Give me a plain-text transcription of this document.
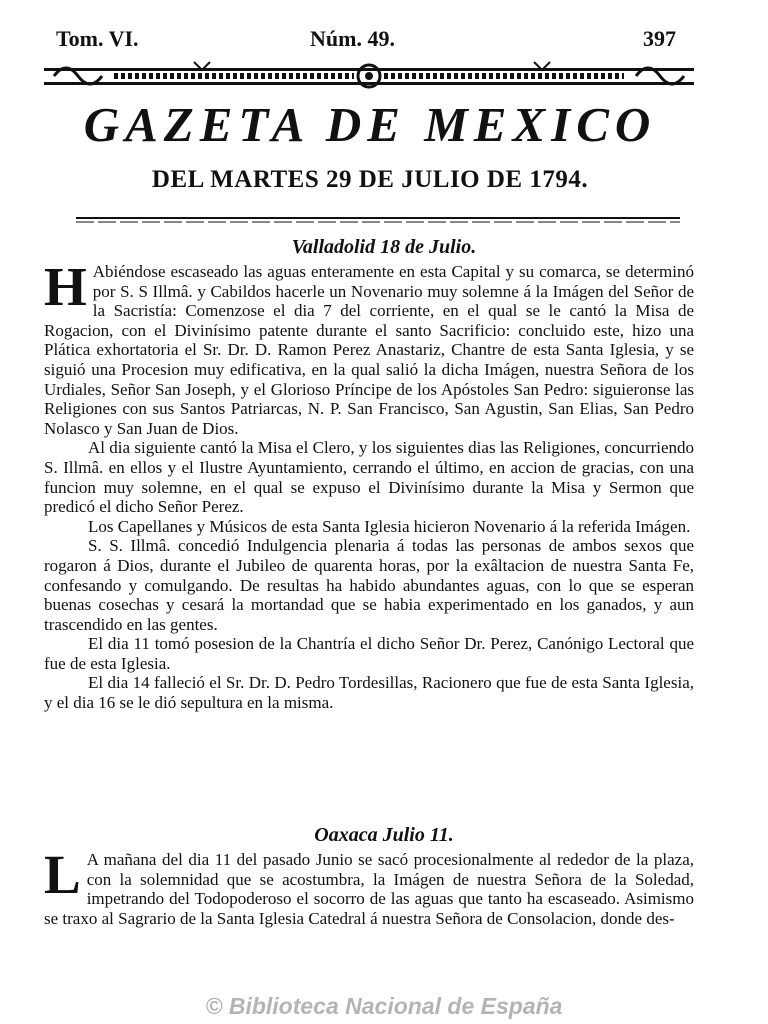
Tom. VI.	Núm. 49.	397
GAZETA DE MEXICO
DEL MARTES 29 DE JULIO DE 1794.
Valladolid 18 de Julio.

H Abiéndose escaseado las aguas enteramente en esta Capital y su comarca, se determinó por S. S Illmâ. y Cabildos hacerle un Novenario muy solemne á la Imágen del Señor de la Sacristía: Comenzose el dia 7 del corriente, en el qual se le cantó la Misa de Rogacion, con el Divinísimo patente durante el santo Sacrificio: concluido este, hizo una Plática exhortatoria el Sr. Dr. D. Ramon Perez Anastariz, Chantre de esta Santa Iglesia, y se siguió una Procesion muy edificativa, en la qual salió la dicha Imágen, nuestra Señora de los Urdiales, Señor San Joseph, y el Glorioso Príncipe de los Apóstoles San Pedro: siguieronse las Religiones con sus Santos Patriarcas, N. P. San Francisco, San Agustin, San Elias, San Pedro Nolasco y San Juan de Dios.

Al dia siguiente cantó la Misa el Clero, y los siguientes dias las Religiones, concurriendo S. Illmâ. en ellos y el Ilustre Ayuntamiento, cerrando el último, en accion de gracias, con una funcion muy solemne, en el qual se expuso el Divinísimo durante la Misa y Sermon que predicó el dicho Señor Perez.

Los Capellanes y Músicos de esta Santa Iglesia hicieron Novenario á la referida Imágen.

S. S. Illmâ. concedió Indulgencia plenaria á todas las personas de ambos sexos que rogaron á Dios, durante el Jubileo de quarenta horas, por la exâltacion de nuestra Santa Fe, confesando y comulgando. De resultas ha habido abundantes aguas, con lo que se esperan buenas cosechas y cesará la mortandad que se habia experimentado en los ganados, y aun trascendido en las gentes.

El dia 11 tomó posesion de la Chantría el dicho Señor Dr. Perez, Canónigo Lectoral que fue de esta Iglesia.

El dia 14 falleció el Sr. Dr. D. Pedro Tordesillas, Racionero que fue de esta Santa Iglesia, y el dia 16 se le dió sepultura en la misma.

Oaxaca Julio 11.

L A mañana del dia 11 del pasado Junio se sacó procesionalmente al rededor de la plaza, con la solemnidad que se acostumbra, la Imágen de nuestra Señora de la Soledad, impetrando del Todopoderoso el socorro de las aguas que tanto ha escaseado. Asimismo se traxo al Sagrario de la Santa Iglesia Catedral á nuestra Señora de Consolacion, donde des-

© Biblioteca Nacional de España
